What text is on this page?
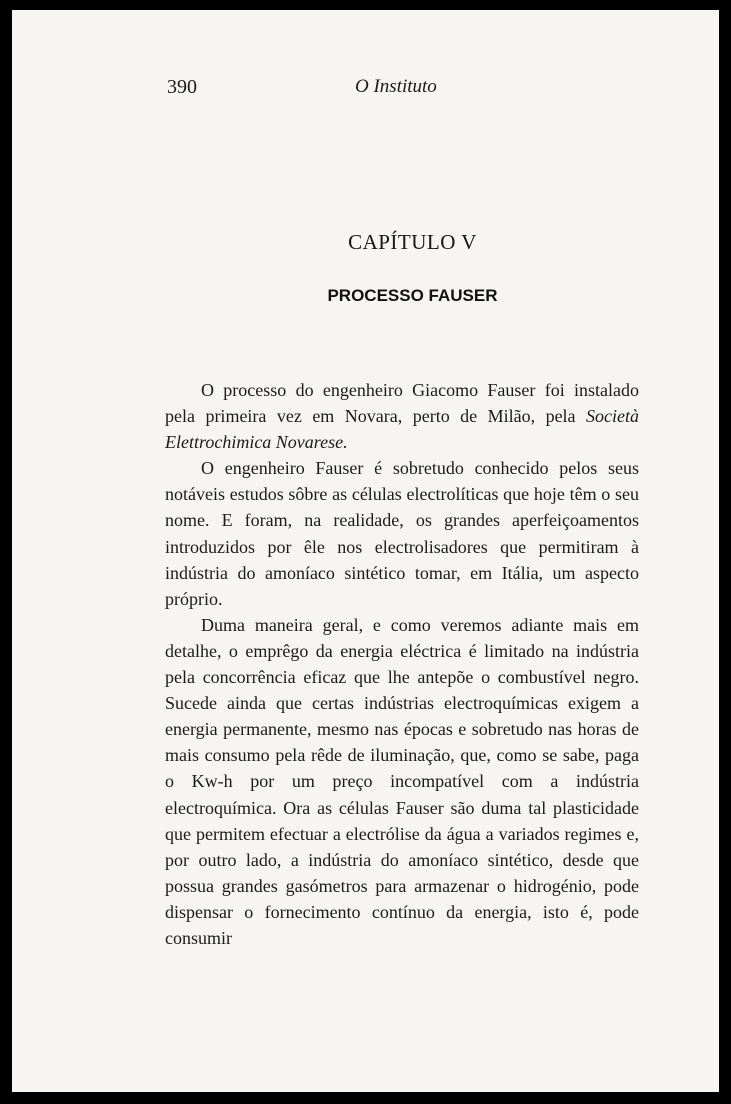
390	O Instituto
CAPÍTULO V
PROCESSO FAUSER

O processo do engenheiro Giacomo Fauser foi instalado pela primeira vez em Novara, perto de Milão, pela Società Elettrochimica Novarese.

O engenheiro Fauser é sobretudo conhecido pelos seus notáveis estudos sôbre as células electrolíticas que hoje têm o seu nome. E foram, na realidade, os grandes aperfeiçoamentos introduzidos por êle nos electrolisadores que permitiram à indústria do amoníaco sintético tomar, em Itália, um aspecto próprio.

Duma maneira geral, e como veremos adiante mais em detalhe, o emprêgo da energia eléctrica é limitado na indústria pela concorrência eficaz que lhe antepõe o combustível negro. Sucede ainda que certas indústrias electroquímicas exigem a energia permanente, mesmo nas épocas e sobretudo nas horas de mais consumo pela rêde de iluminação, que, como se sabe, paga o Kw-h por um preço incompatível com a indústria electroquímica. Ora as células Fauser são duma tal plasticidade que permitem efectuar a electrólise da água a variados regimes e, por outro lado, a indústria do amoníaco sintético, desde que possua grandes gasómetros para armazenar o hidrogénio, pode dispensar o fornecimento contínuo da energia, isto é, pode consumir
